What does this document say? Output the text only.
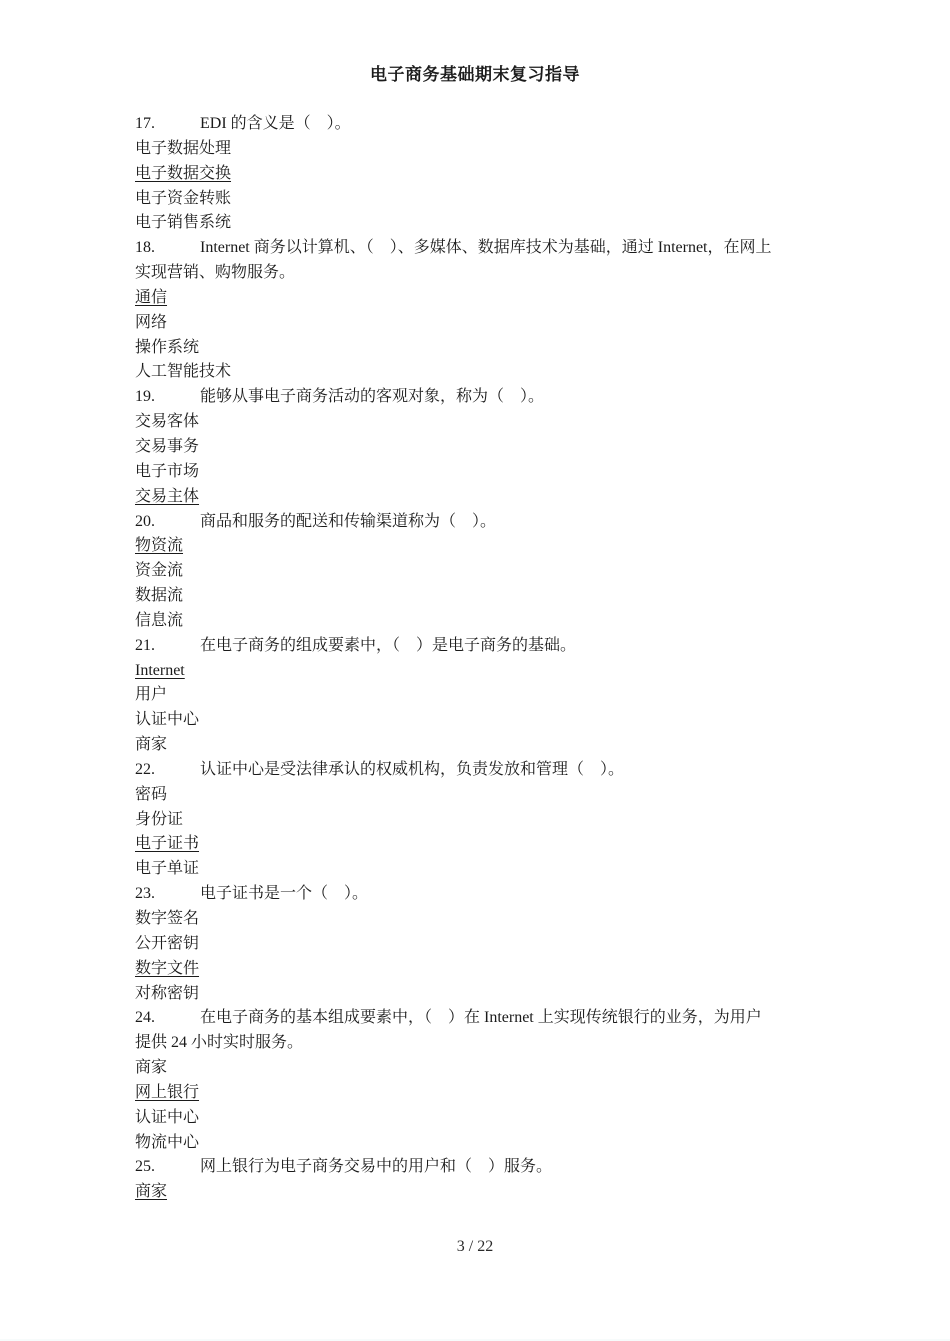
电子商务基础期末复习指导
17.	EDI 的含义是（　）。
电子数据处理
电子数据交换
电子资金转账
电子销售系统
18.	Internet 商务以计算机、（　）、多媒体、数据库技术为基础，通过 Internet，在网上
实现营销、购物服务。
通信
网络
操作系统
人工智能技术
19.	能够从事电子商务活动的客观对象，称为（　）。
交易客体
交易事务
电子市场
交易主体
20.	商品和服务的配送和传输渠道称为（　）。
物资流
资金流
数据流
信息流
21.	在电子商务的组成要素中，（　）是电子商务的基础。
Internet
用户
认证中心
商家
22.	认证中心是受法律承认的权威机构，负责发放和管理（　）。
密码
身份证
电子证书
电子单证
23.	电子证书是一个（　）。
数字签名
公开密钥
数字文件
对称密钥
24.	在电子商务的基本组成要素中，（　）在 Internet 上实现传统银行的业务，为用户
提供 24 小时实时服务。
商家
网上银行
认证中心
物流中心
25.	网上银行为电子商务交易中的用户和（　）服务。
商家
3 / 22
